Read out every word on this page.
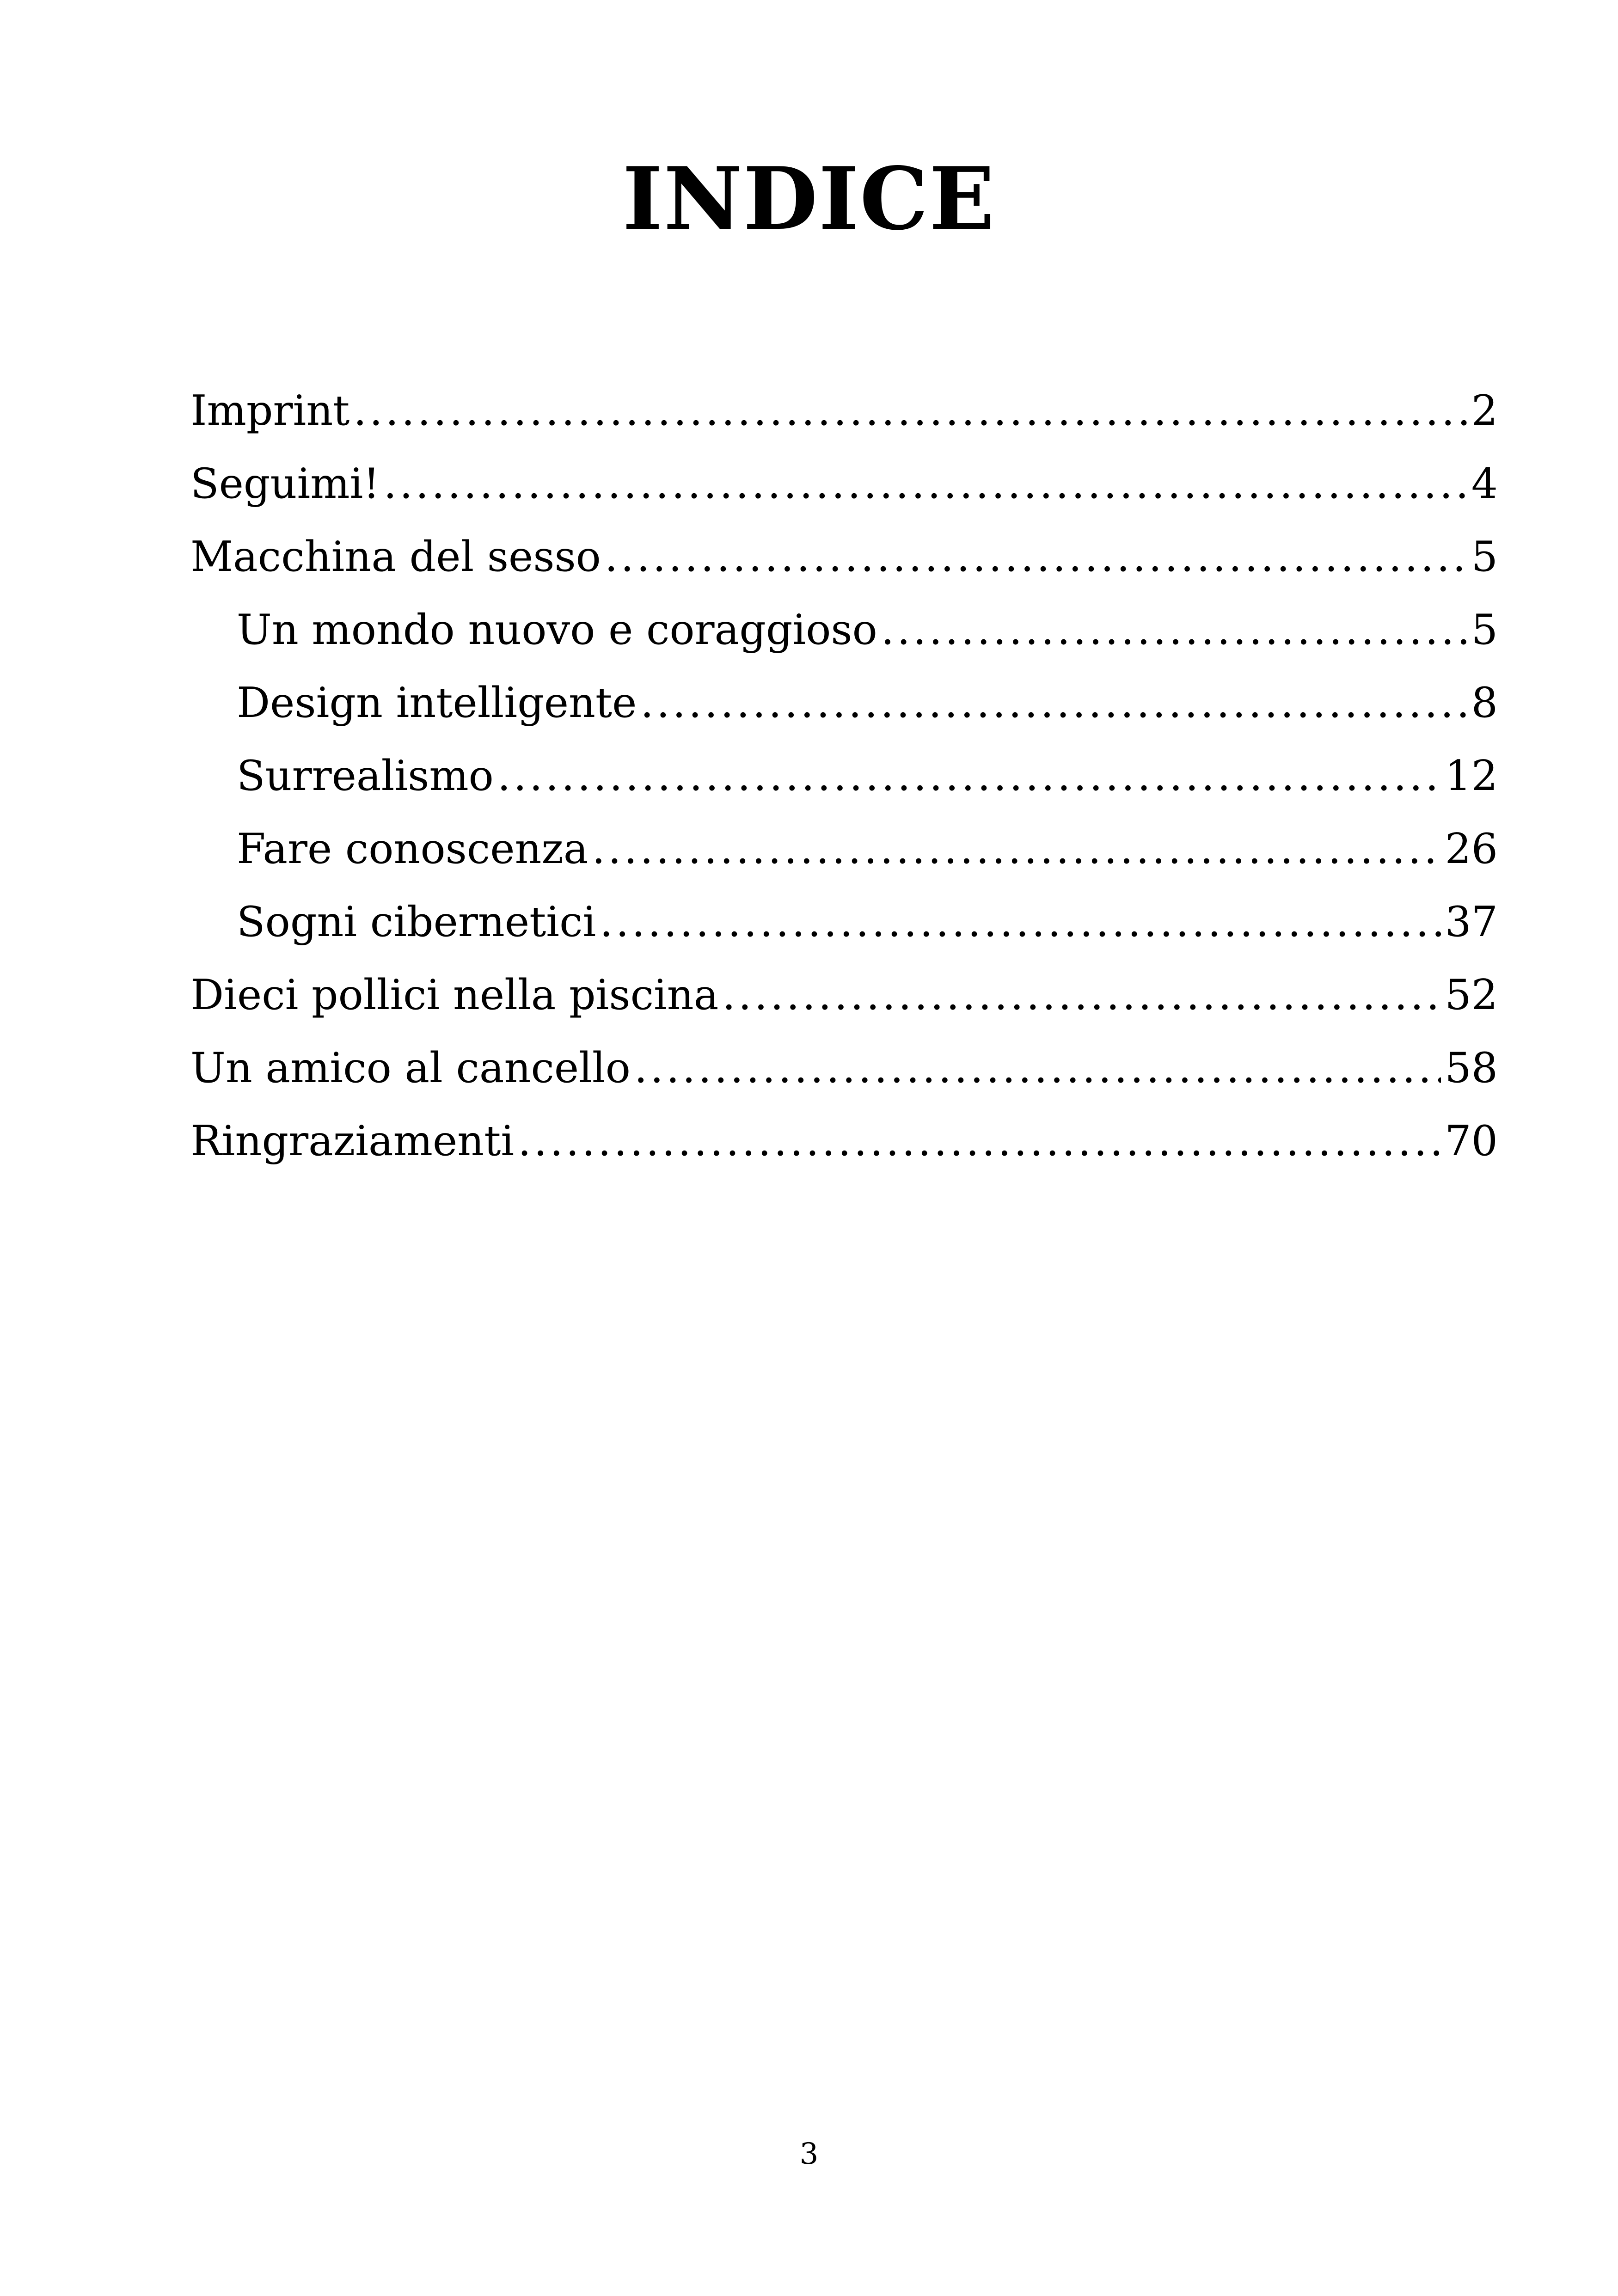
INDICE
Imprint .....	2
Seguimi! .....	4
Macchina del sesso .....	5
Un mondo nuovo e coraggioso .....	5
Design intelligente .....	8
Surrealismo .....	12
Fare conoscenza .....	26
Sogni cibernetici .....	37
Dieci pollici nella piscina .....	52
Un amico al cancello .....	58
Ringraziamenti .....	70
3
